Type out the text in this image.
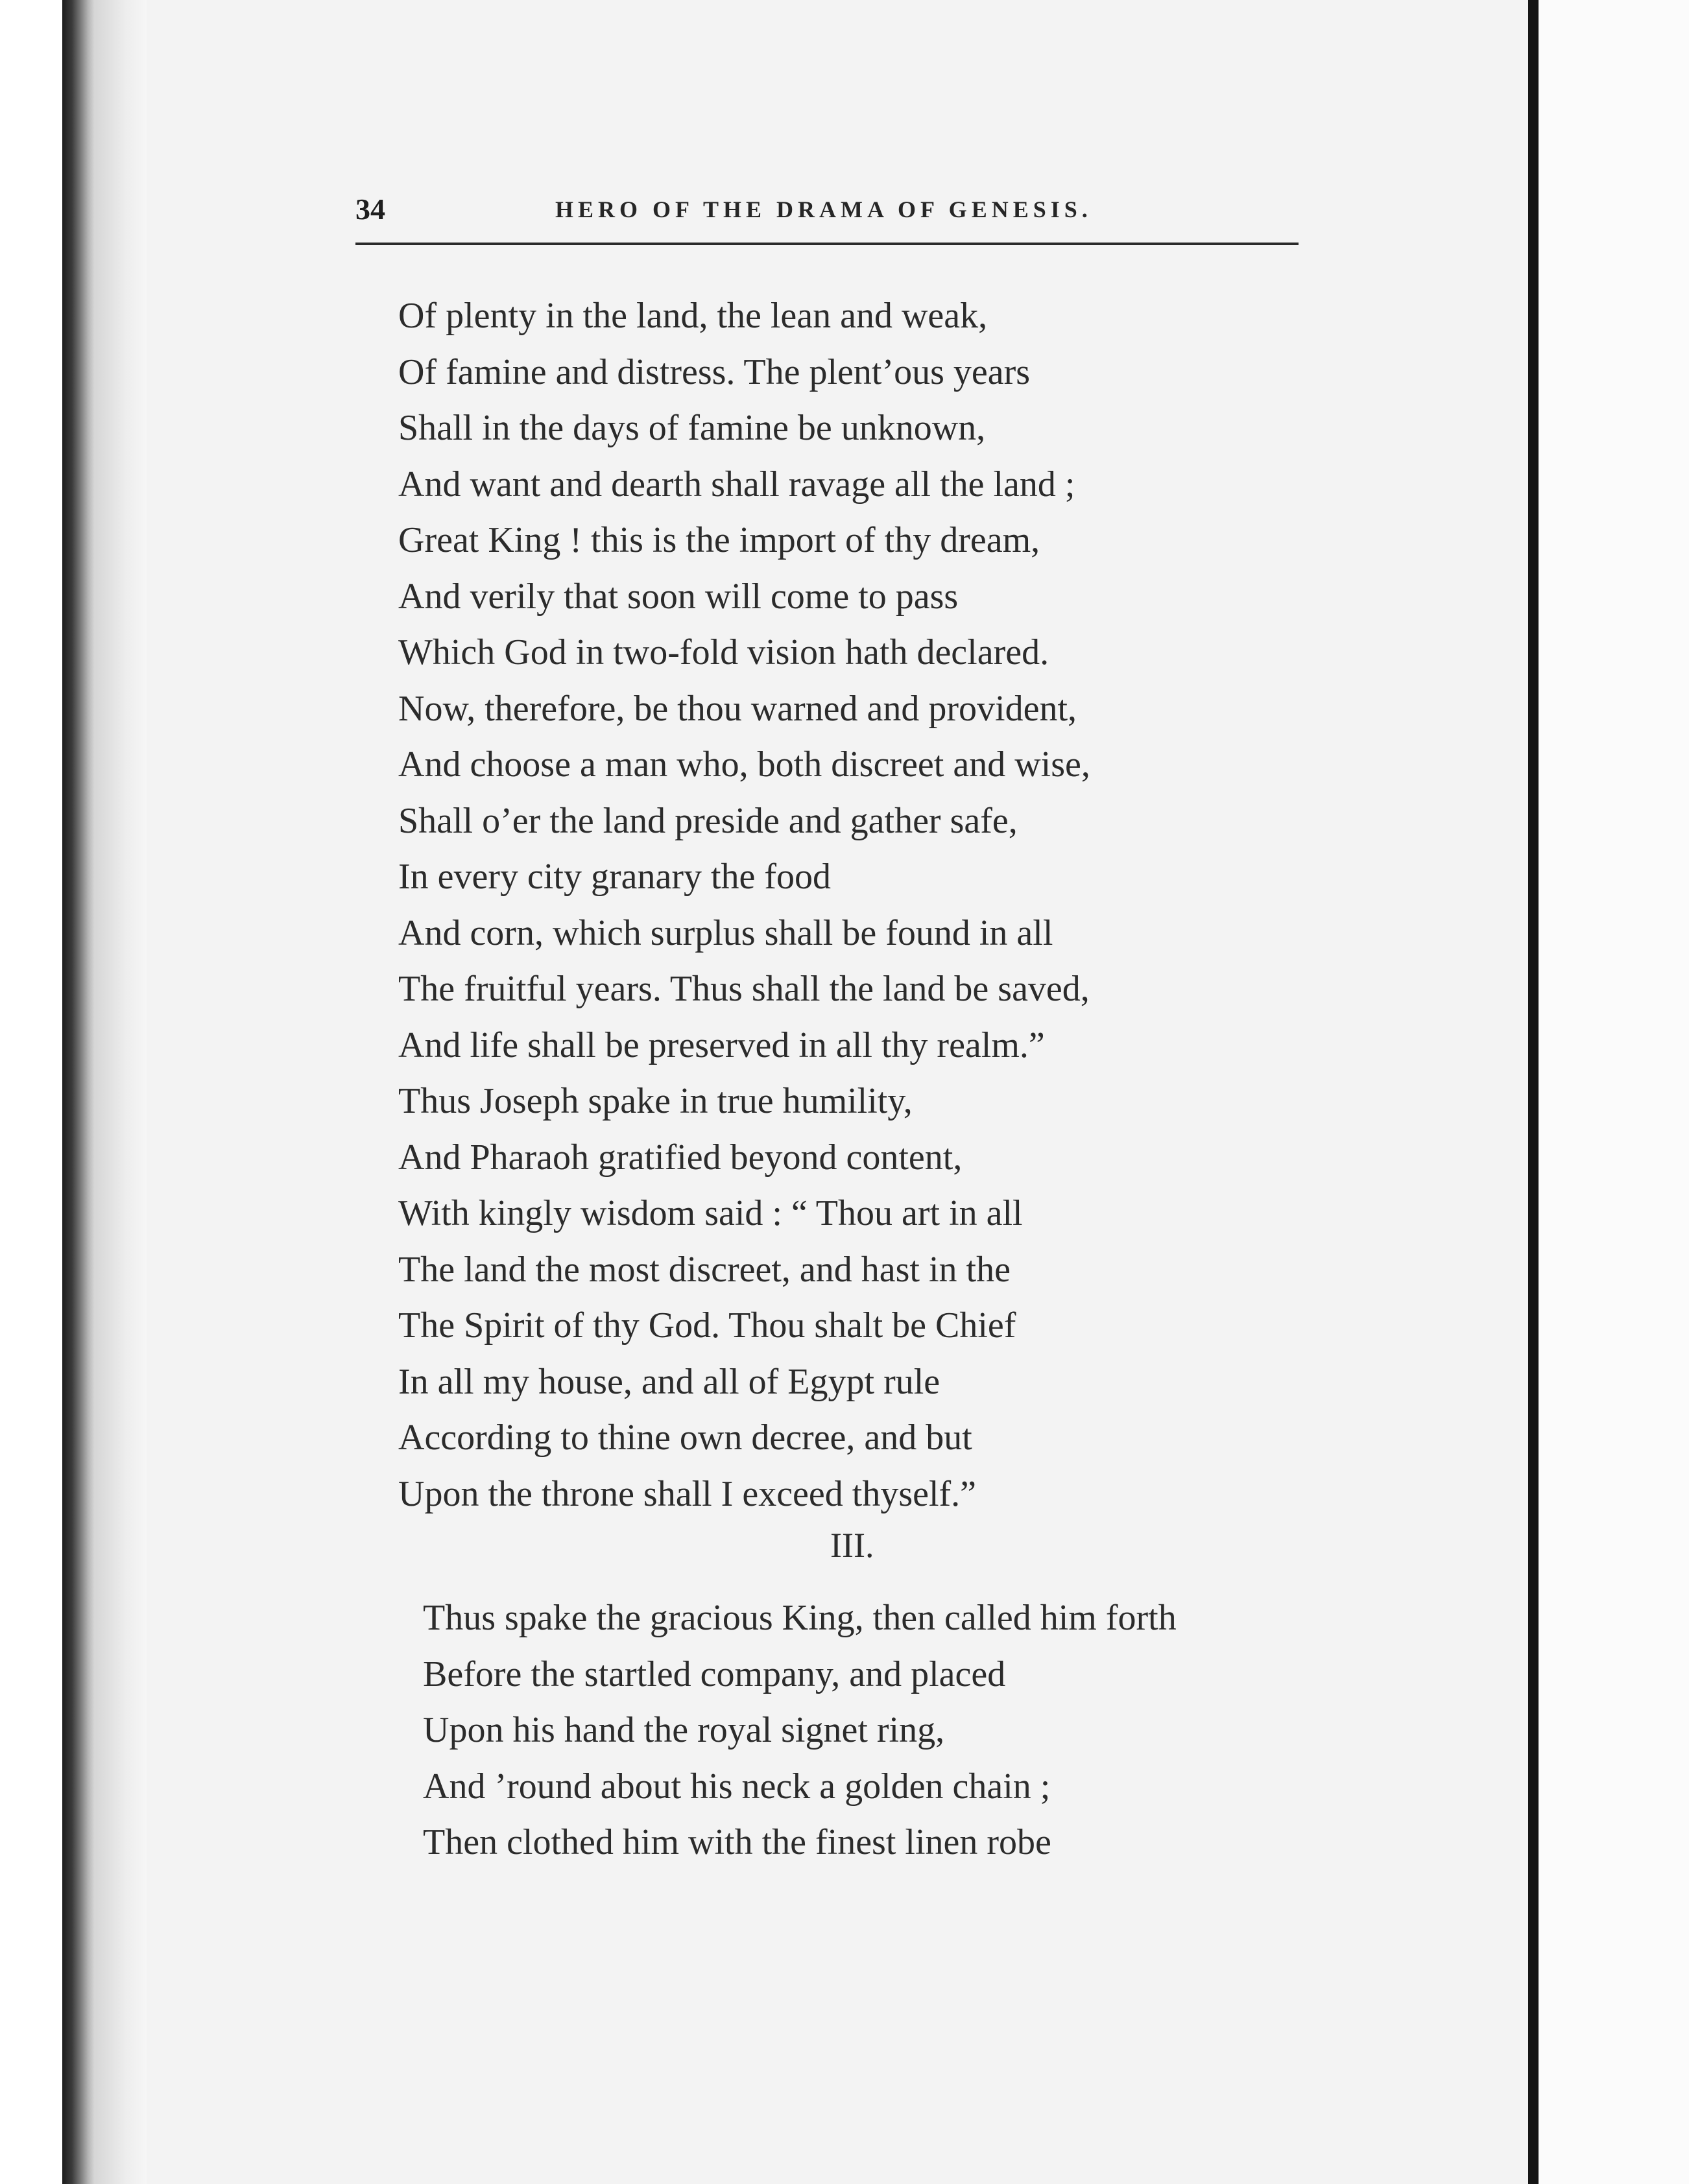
34	HERO OF THE DRAMA OF GENESIS.
Of plenty in the land, the lean and weak,
Of famine and distress. The plent’ous years
Shall in the days of famine be unknown,
And want and dearth shall ravage all the land ;
Great King ! this is the import of thy dream,
And verily that soon will come to pass
Which God in two-fold vision hath declared.
Now, therefore, be thou warned and provident,
And choose a man who, both discreet and wise,
Shall o’er the land preside and gather safe,
In every city granary the food
And corn, which surplus shall be found in all
The fruitful years. Thus shall the land be saved,
And life shall be preserved in all thy realm.”
Thus Joseph spake in true humility,
And Pharaoh gratified beyond content,
With kingly wisdom said : “ Thou art in all
The land the most discreet, and hast in the
The Spirit of thy God. Thou shalt be Chief
In all my house, and all of Egypt rule
According to thine own decree, and but
Upon the throne shall I exceed thyself.”
III.
Thus spake the gracious King, then called him forth
Before the startled company, and placed
Upon his hand the royal signet ring,
And ’round about his neck a golden chain ;
Then clothed him with the finest linen robe
